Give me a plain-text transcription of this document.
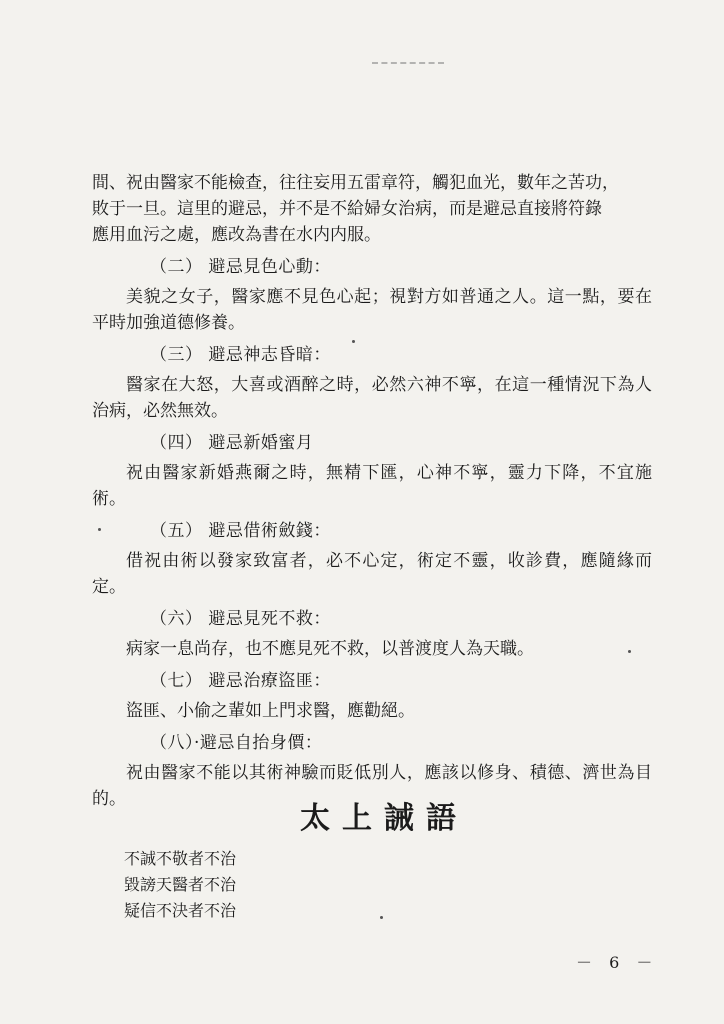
間、祝由醫家不能檢查，往往妄用五雷章符，觸犯血光，數年之苦功，

敗于一旦。這里的避忌，并不是不給婦女治病，而是避忌直接將符錄

應用血污之處，應改為書在水内内服。

（二） 避忌見色心動：

美貌之女子，醫家應不見色心起；視對方如普通之人。這一點，要在平時加強道德修養。

（三） 避忌神志昏暗：

醫家在大怒，大喜或酒醉之時，必然六神不寧，在這一種情況下為人治病，必然無效。

（四） 避忌新婚蜜月

祝由醫家新婚燕爾之時，無精下匯，心神不寧，靈力下降，不宜施術。

（五） 避忌借術斂錢：

借祝由術以發家致富者，必不心定，術定不靈，收診費，應隨緣而定。

（六） 避忌見死不救：

病家一息尚存，也不應見死不救，以普渡度人為天職。

（七） 避忌治療盜匪：

盜匪、小偷之輩如上門求醫，應勸絕。

（八）·避忌自抬身價：

祝由醫家不能以其術神驗而貶低別人，應該以修身、積德、濟世為目的。

太上誡語
不誠不敬者不治
毀謗天醫者不治
疑信不決者不治
－ 6 －
